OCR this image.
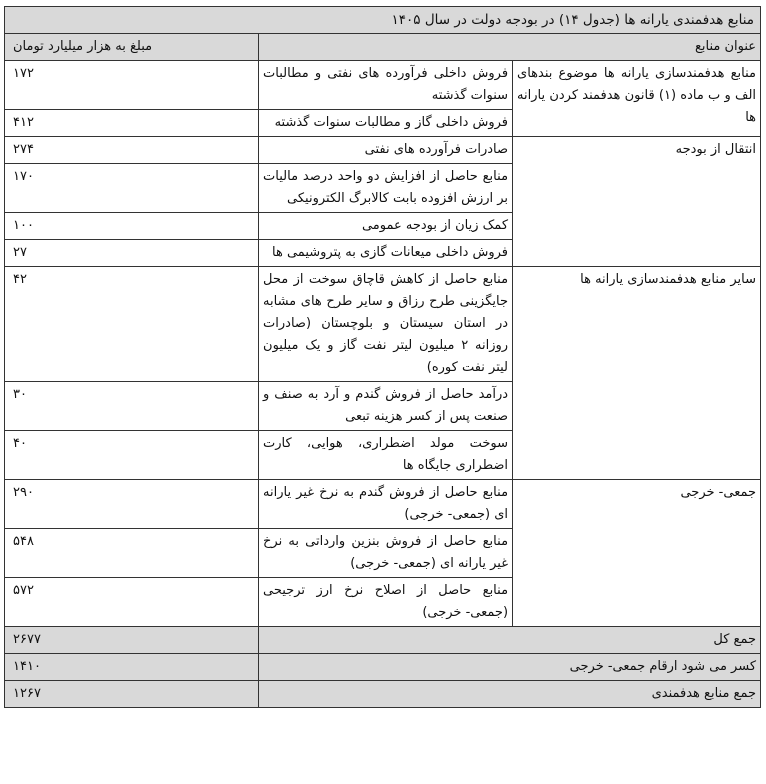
منابع هدفمندی یارانه ها (جدول ۱۴) در بودجه دولت در سال ۱۴۰۵		
عنوان منابع		مبلغ به هزار میلیارد تومان
منابع هدفمندسازی یارانه ها موضوع بندهای الف و ب ماده (۱) قانون هدفمند کردن یارانه ها	فروش داخلی فرآورده های نفتی و مطالبات سنوات گذشته	۱۷۲
	فروش داخلی گاز و مطالبات سنوات گذشته	۴۱۲
انتقال از بودجه	صادرات فرآورده های نفتی	۲۷۴
	منابع حاصل از افزایش دو واحد درصد مالیات بر ارزش افزوده بابت کالابرگ الکترونیکی	۱۷۰
	کمک زیان از بودجه عمومی	۱۰۰
	فروش داخلی میعانات گازی به پتروشیمی ها	۲۷
سایر منابع هدفمندسازی یارانه ها	منابع حاصل از کاهش قاچاق سوخت از محل جایگزینی طرح رزاق و سایر طرح های مشابه در استان سیستان و بلوچستان (صادرات روزانه ۲ میلیون لیتر نفت گاز و یک میلیون لیتر نفت کوره)	۴۲
	درآمد حاصل از فروش گندم و آرد به صنف و صنعت پس از کسر هزینه تبعی	۳۰
	سوخت مولد اضطراری، هوایی، کارت اضطراری جایگاه ها	۴۰
جمعی- خرجی	منابع حاصل از فروش گندم به نرخ غیر یارانه ای (جمعی- خرجی)	۲۹۰
	منابع حاصل از فروش بنزین وارداتی به نرخ غیر یارانه ای (جمعی- خرجی)	۵۴۸
	منابع حاصل از اصلاح نرخ ارز ترجیحی (جمعی- خرجی)	۵۷۲
جمع کل		۲۶۷۷
کسر می شود ارقام جمعی- خرجی		۱۴۱۰
جمع منابع هدفمندی		۱۲۶۷
